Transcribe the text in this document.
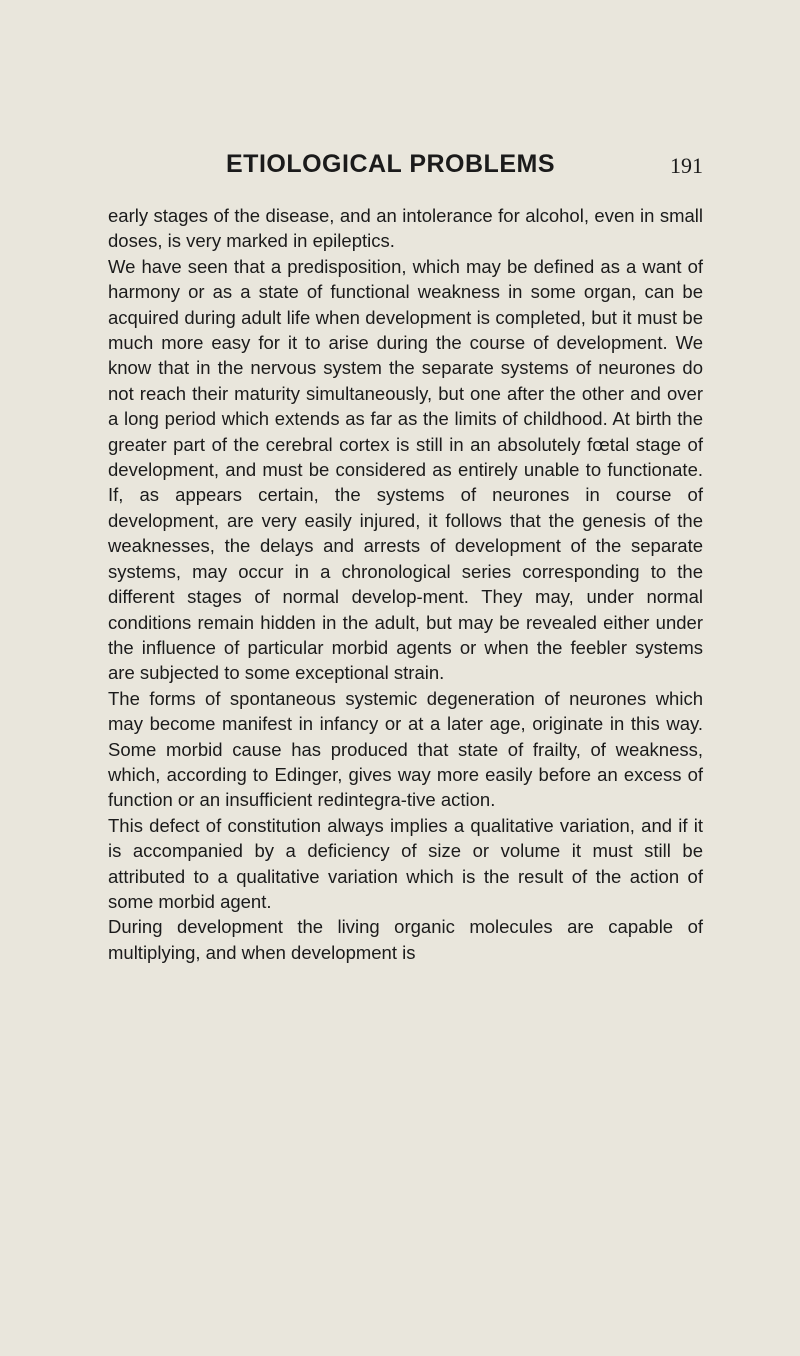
ETIOLOGICAL PROBLEMS	191

early stages of the disease, and an intolerance for alcohol, even in small doses, is very marked in epileptics.

We have seen that a predisposition, which may be defined as a want of harmony or as a state of functional weakness in some organ, can be acquired during adult life when development is completed, but it must be much more easy for it to arise during the course of development. We know that in the nervous system the separate systems of neurones do not reach their maturity simultaneously, but one after the other and over a long period which extends as far as the limits of childhood. At birth the greater part of the cerebral cortex is still in an absolutely fœtal stage of development, and must be considered as entirely unable to functionate. If, as appears certain, the systems of neurones in course of development, are very easily injured, it follows that the genesis of the weaknesses, the delays and arrests of development of the separate systems, may occur in a chronological series corresponding to the different stages of normal develop-ment. They may, under normal conditions remain hidden in the adult, but may be revealed either under the influence of particular morbid agents or when the feebler systems are subjected to some exceptional strain.

The forms of spontaneous systemic degeneration of neurones which may become manifest in infancy or at a later age, originate in this way. Some morbid cause has produced that state of frailty, of weakness, which, according to Edinger, gives way more easily before an excess of function or an insufficient redintegra-tive action.

This defect of constitution always implies a qualitative variation, and if it is accompanied by a deficiency of size or volume it must still be attributed to a qualitative variation which is the result of the action of some morbid agent.

During development the living organic molecules are capable of multiplying, and when development is
